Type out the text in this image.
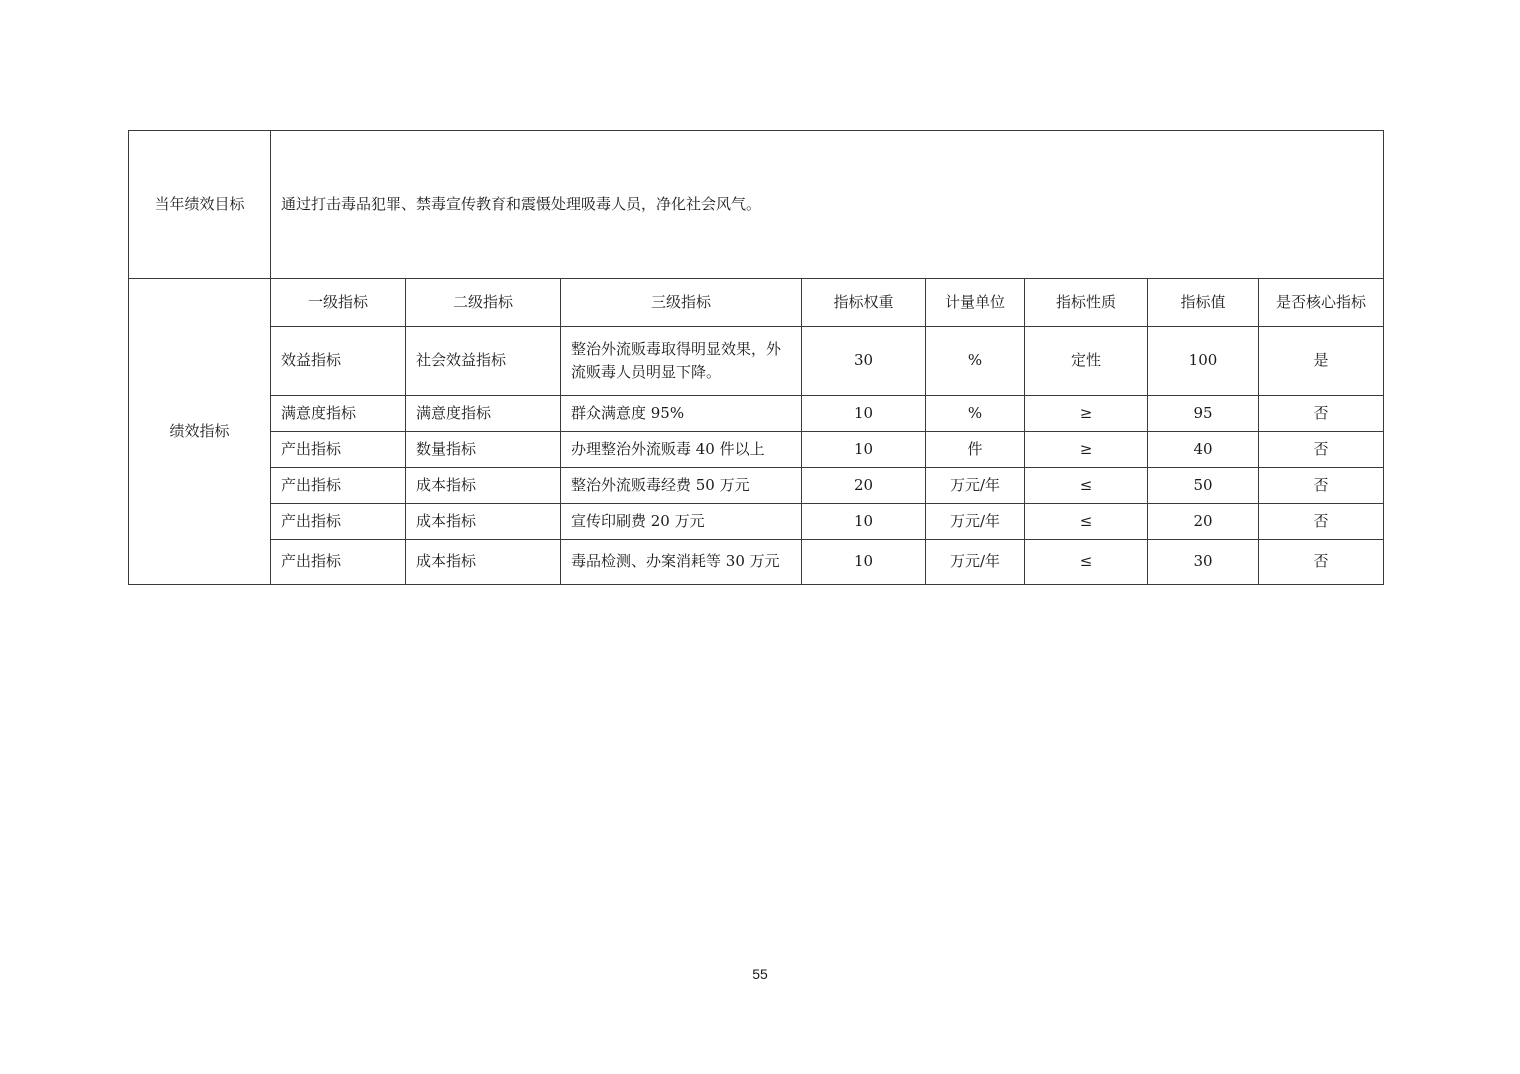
当年绩效目标	通过打击毒品犯罪、禁毒宣传教育和震慑处理吸毒人员，净化社会风气。							
绩效指标	一级指标	二级指标	三级指标	指标权重	计量单位	指标性质	指标值	是否核心指标
	效益指标	社会效益指标	整治外流贩毒取得明显效果，外流贩毒人员明显下降。	30	%	定性	100	是
	满意度指标	满意度指标	群众满意度 95%	10	%	≥	95	否
	产出指标	数量指标	办理整治外流贩毒 40 件以上	10	件	≥	40	否
	产出指标	成本指标	整治外流贩毒经费 50 万元	20	万元/年	≤	50	否
	产出指标	成本指标	宣传印刷费 20 万元	10	万元/年	≤	20	否
	产出指标	成本指标	毒品检测、办案消耗等 30 万元	10	万元/年	≤	30	否
55
